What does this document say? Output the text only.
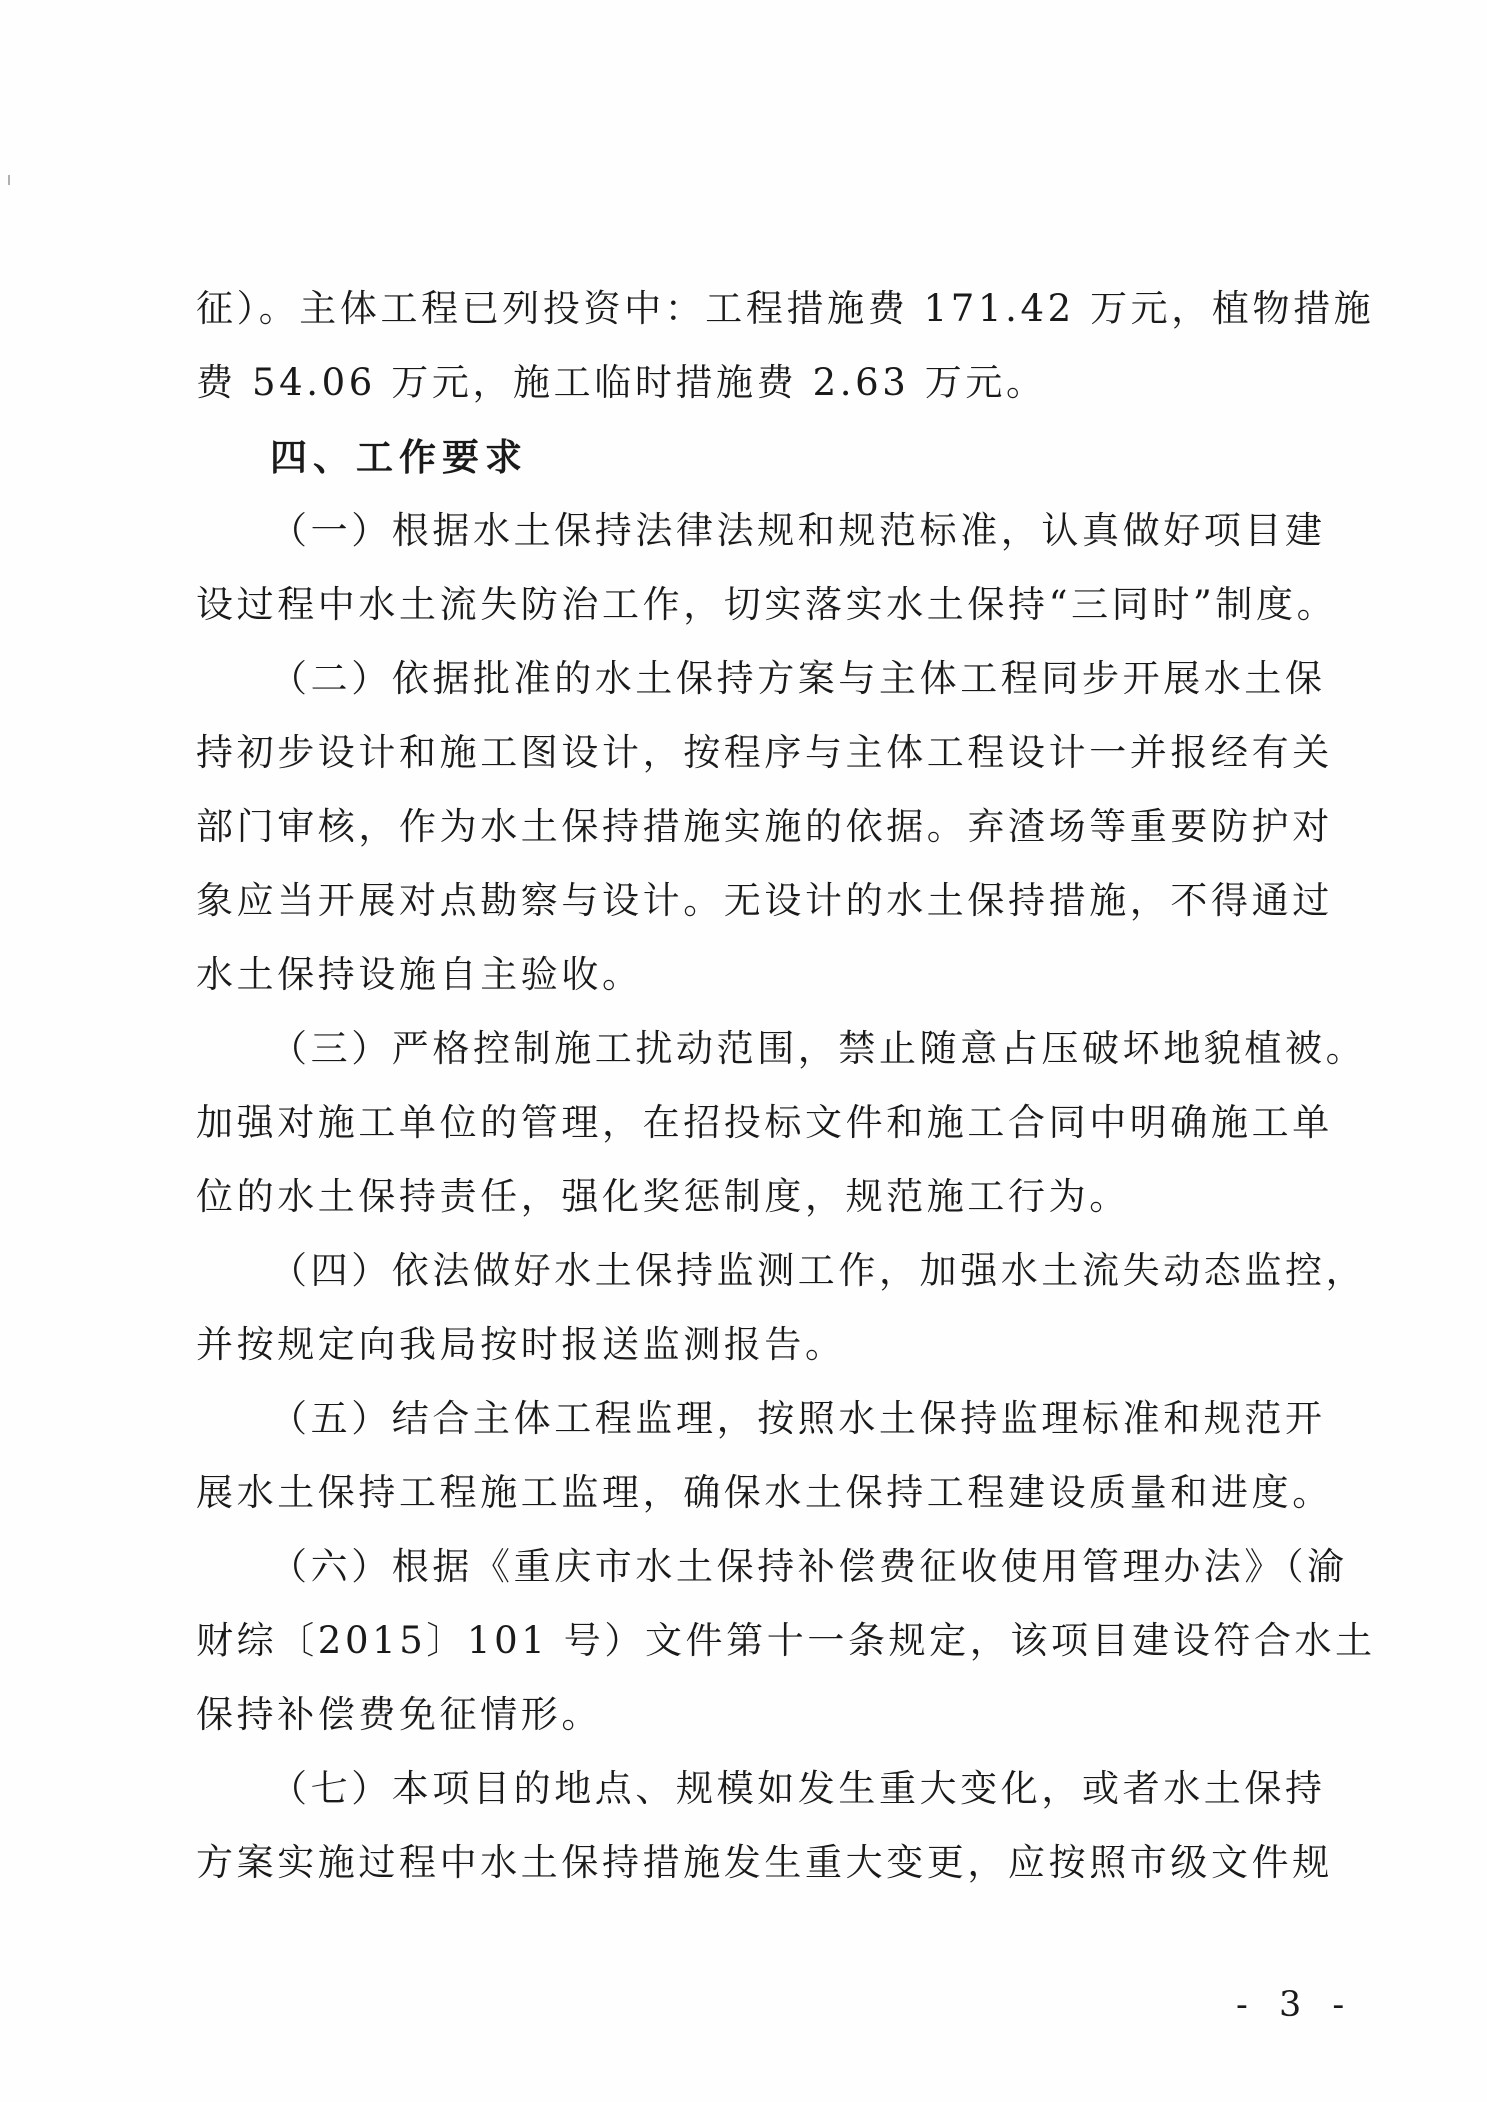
征）。主体工程已列投资中：工程措施费 171.42 万元，植物措施
费 54.06 万元，施工临时措施费 2.63 万元。
四、工作要求
（一）根据水土保持法律法规和规范标准，认真做好项目建
设过程中水土流失防治工作，切实落实水土保持“三同时”制度。
（二）依据批准的水土保持方案与主体工程同步开展水土保
持初步设计和施工图设计，按程序与主体工程设计一并报经有关
部门审核，作为水土保持措施实施的依据。弃渣场等重要防护对
象应当开展对点勘察与设计。无设计的水土保持措施，不得通过
水土保持设施自主验收。
（三）严格控制施工扰动范围，禁止随意占压破坏地貌植被。
加强对施工单位的管理，在招投标文件和施工合同中明确施工单
位的水土保持责任，强化奖惩制度，规范施工行为。
（四）依法做好水土保持监测工作，加强水土流失动态监控，
并按规定向我局按时报送监测报告。
（五）结合主体工程监理，按照水土保持监理标准和规范开
展水土保持工程施工监理，确保水土保持工程建设质量和进度。
（六）根据《重庆市水土保持补偿费征收使用管理办法》（渝
财综〔2015〕101 号）文件第十一条规定，该项目建设符合水土
保持补偿费免征情形。
（七）本项目的地点、规模如发生重大变化，或者水土保持
方案实施过程中水土保持措施发生重大变更，应按照市级文件规
- 3 -
